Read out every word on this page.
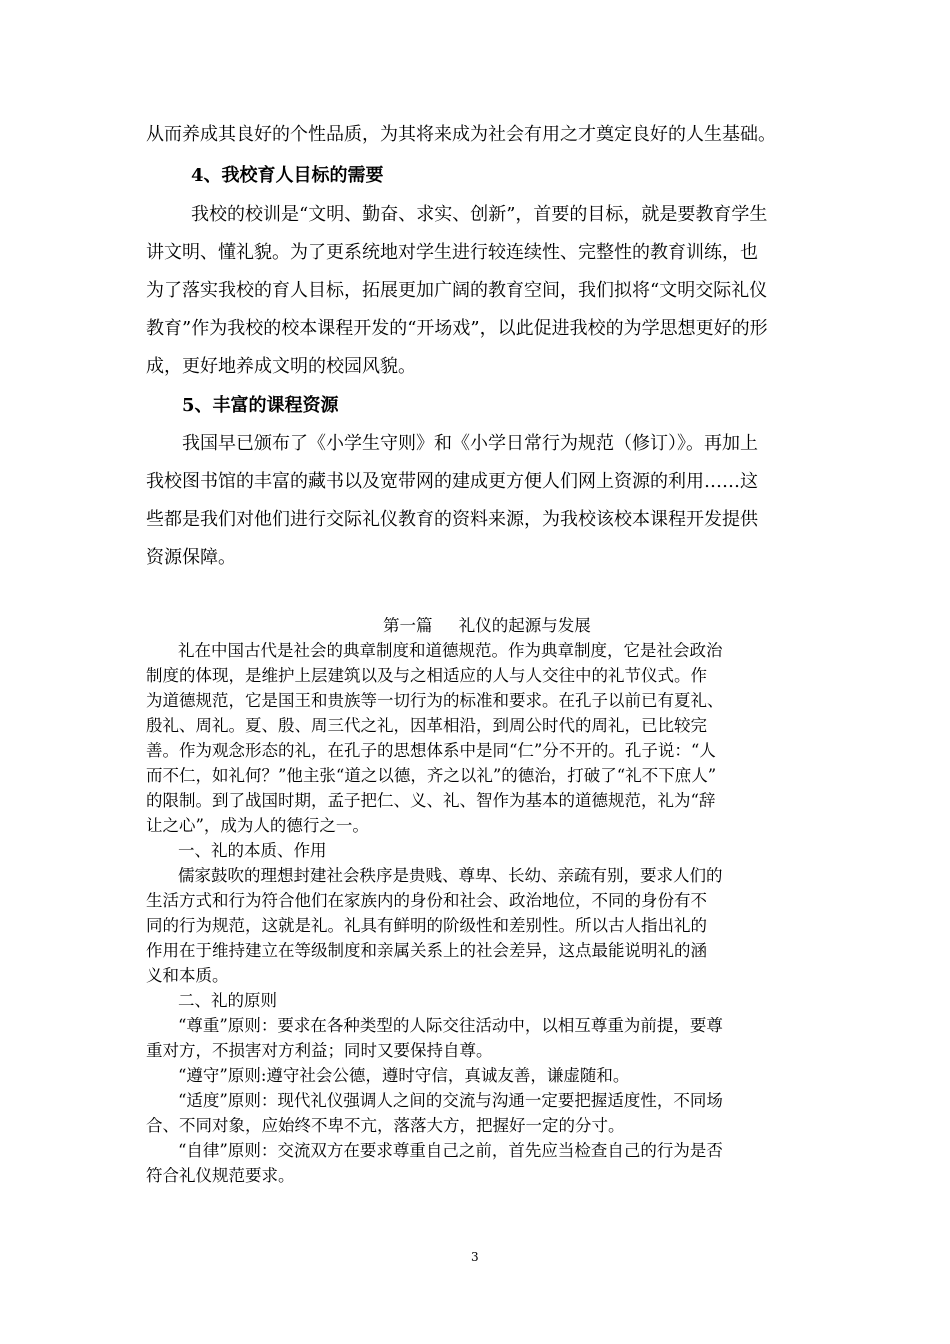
从而养成其良好的个性品质，为其将来成为社会有用之才奠定良好的人生基础。
4、我校育人目标的需要
我校的校训是“文明、勤奋、求实、创新”，首要的目标，就是要教育学生
讲文明、懂礼貌。为了更系统地对学生进行较连续性、完整性的教育训练，也
为了落实我校的育人目标，拓展更加广阔的教育空间，我们拟将“文明交际礼仪
教育”作为我校的校本课程开发的“开场戏”，以此促进我校的为学思想更好的形
成，更好地养成文明的校园风貌。
5、丰富的课程资源
我国早已颁布了《小学生守则》和《小学日常行为规范（修订）》。再加上
我校图书馆的丰富的藏书以及宽带网的建成更方便人们网上资源的利用……这
些都是我们对他们进行交际礼仪教育的资料来源，为我校该校本课程开发提供
资源保障。
第一篇     礼仪的起源与发展
礼在中国古代是社会的典章制度和道德规范。作为典章制度，它是社会政治
制度的体现，是维护上层建筑以及与之相适应的人与人交往中的礼节仪式。作
为道德规范，它是国王和贵族等一切行为的标准和要求。在孔子以前已有夏礼、
殷礼、周礼。夏、殷、周三代之礼，因革相沿，到周公时代的周礼，已比较完
善。作为观念形态的礼，在孔子的思想体系中是同“仁”分不开的。孔子说：“人
而不仁，如礼何？”他主张“道之以德，齐之以礼”的德治，打破了“礼不下庶人”
的限制。到了战国时期，孟子把仁、义、礼、智作为基本的道德规范，礼为“辞
让之心”，成为人的德行之一。
一、礼的本质、作用
儒家鼓吹的理想封建社会秩序是贵贱、尊卑、长幼、亲疏有别，要求人们的
生活方式和行为符合他们在家族内的身份和社会、政治地位，不同的身份有不
同的行为规范，这就是礼。礼具有鲜明的阶级性和差别性。所以古人指出礼的
作用在于维持建立在等级制度和亲属关系上的社会差异，这点最能说明礼的涵
义和本质。
二、礼的原则
“尊重”原则：要求在各种类型的人际交往活动中，以相互尊重为前提，要尊
重对方，不损害对方利益；同时又要保持自尊。
“遵守”原则:遵守社会公德，遵时守信，真诚友善，谦虚随和。
“适度”原则：现代礼仪强调人之间的交流与沟通一定要把握适度性，不同场
合、不同对象，应始终不卑不亢，落落大方，把握好一定的分寸。
“自律”原则：交流双方在要求尊重自己之前，首先应当检查自己的行为是否
符合礼仪规范要求。
3
